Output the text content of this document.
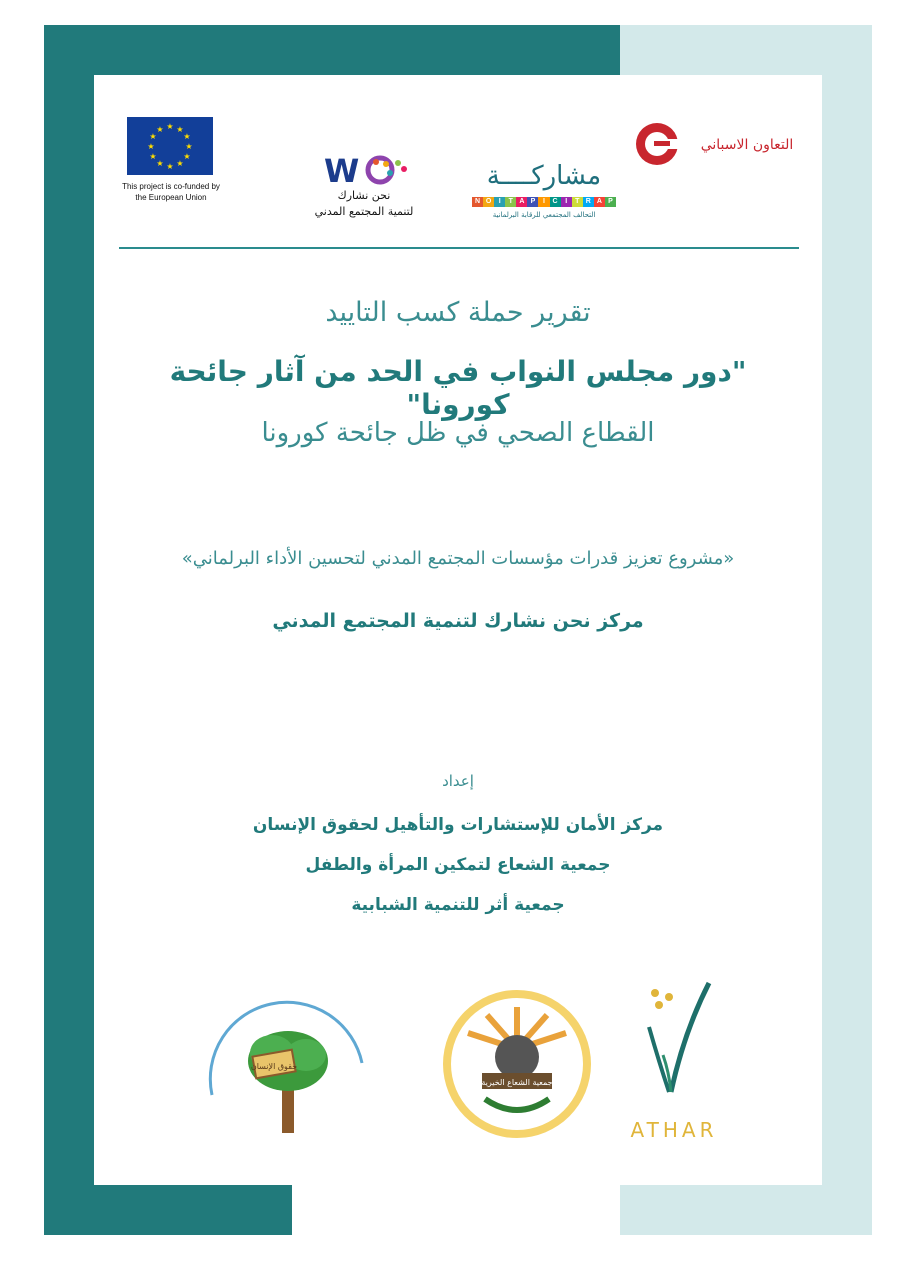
★ ★
★
★
★
★
★
★
★
★
★
★
This project is co-funded by
the European Union
W
نحن نشارك
لتنمية المجتمع المدني
مشاركــــة
N O	I	T A P	I	C	I	T R A P
التحالف المجتمعي للرقابة البرلمانية
التعاون الاسباني
تقرير حملة كسب التاييد
"دور مجلس النواب في الحد من آثار جائحة كورونا"
القطاع الصحي في ظل جائحة كورونا
«مشروع تعزيز قدرات مؤسسات المجتمع المدني لتحسين الأداء البرلماني»
مركز نحن نشارك لتنمية المجتمع المدني
إعداد
مركز الأمان للإستشارات والتأهيل لحقوق الإنسان
جمعية الشعاع لتمكين المرأة والطفل
جمعية أثر للتنمية الشبابية
حقوق الإنسان
جمعية الشعاع الخيرية
ATHAR
